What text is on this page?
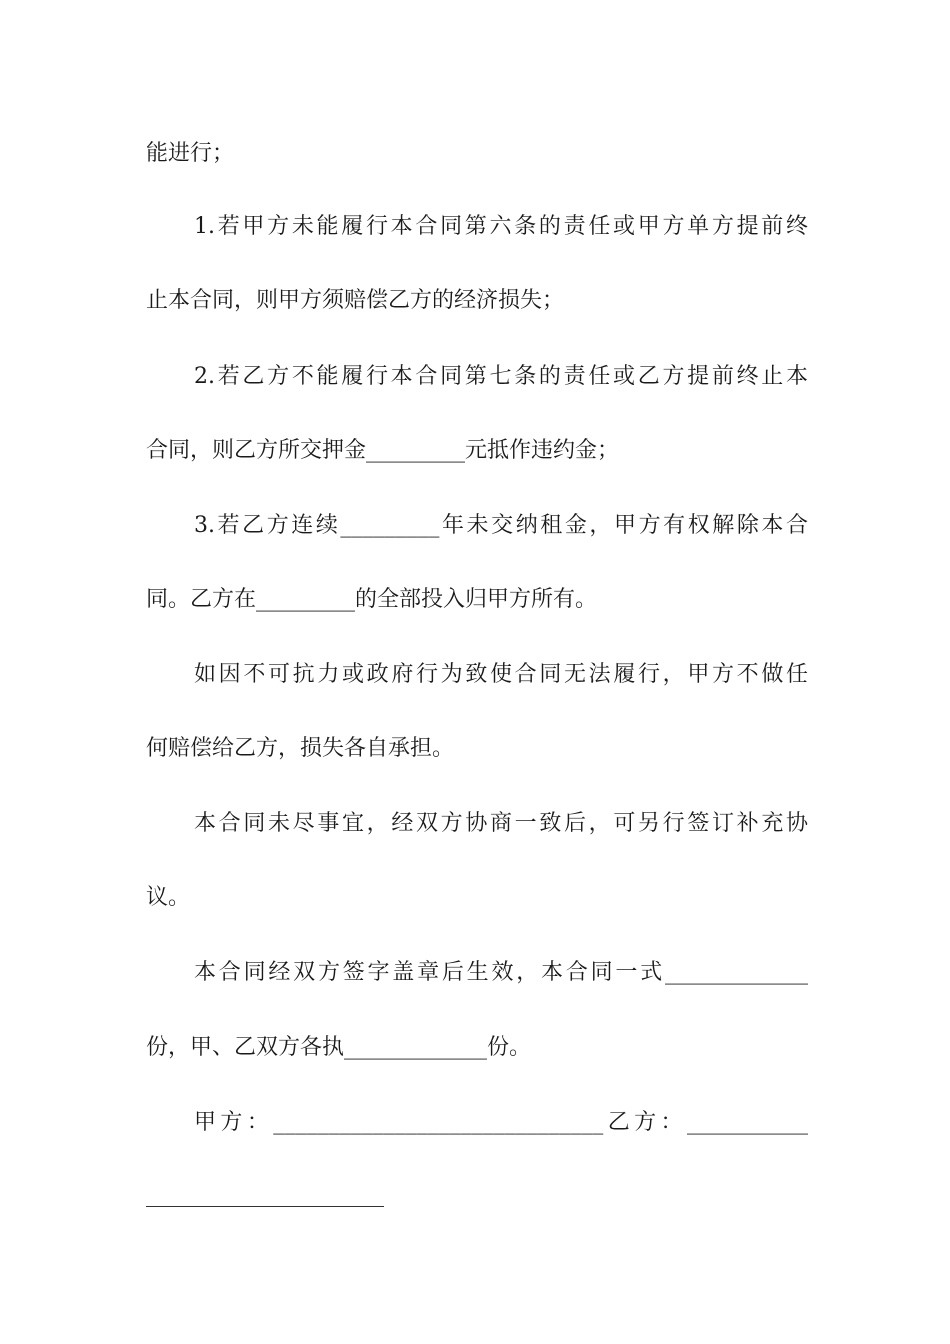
能进行；
1.若甲方未能履行本合同第六条的责任或甲方单方提前终
止本合同，则甲方须赔偿乙方的经济损失；
2.若乙方不能履行本合同第七条的责任或乙方提前终止本
合同，则乙方所交押金_________元抵作违约金；
3.若乙方连续_________年未交纳租金，甲方有权解除本合
同。乙方在_________的全部投入归甲方所有。
如因不可抗力或政府行为致使合同无法履行，甲方不做任
何赔偿给乙方，损失各自承担。
本合同未尽事宜，经双方协商一致后，可另行签订补充协
议。
本合同经双方签字盖章后生效，本合同一式_____________
份，甲、乙双方各执_____________份。
甲方：______________________________乙方：___________
